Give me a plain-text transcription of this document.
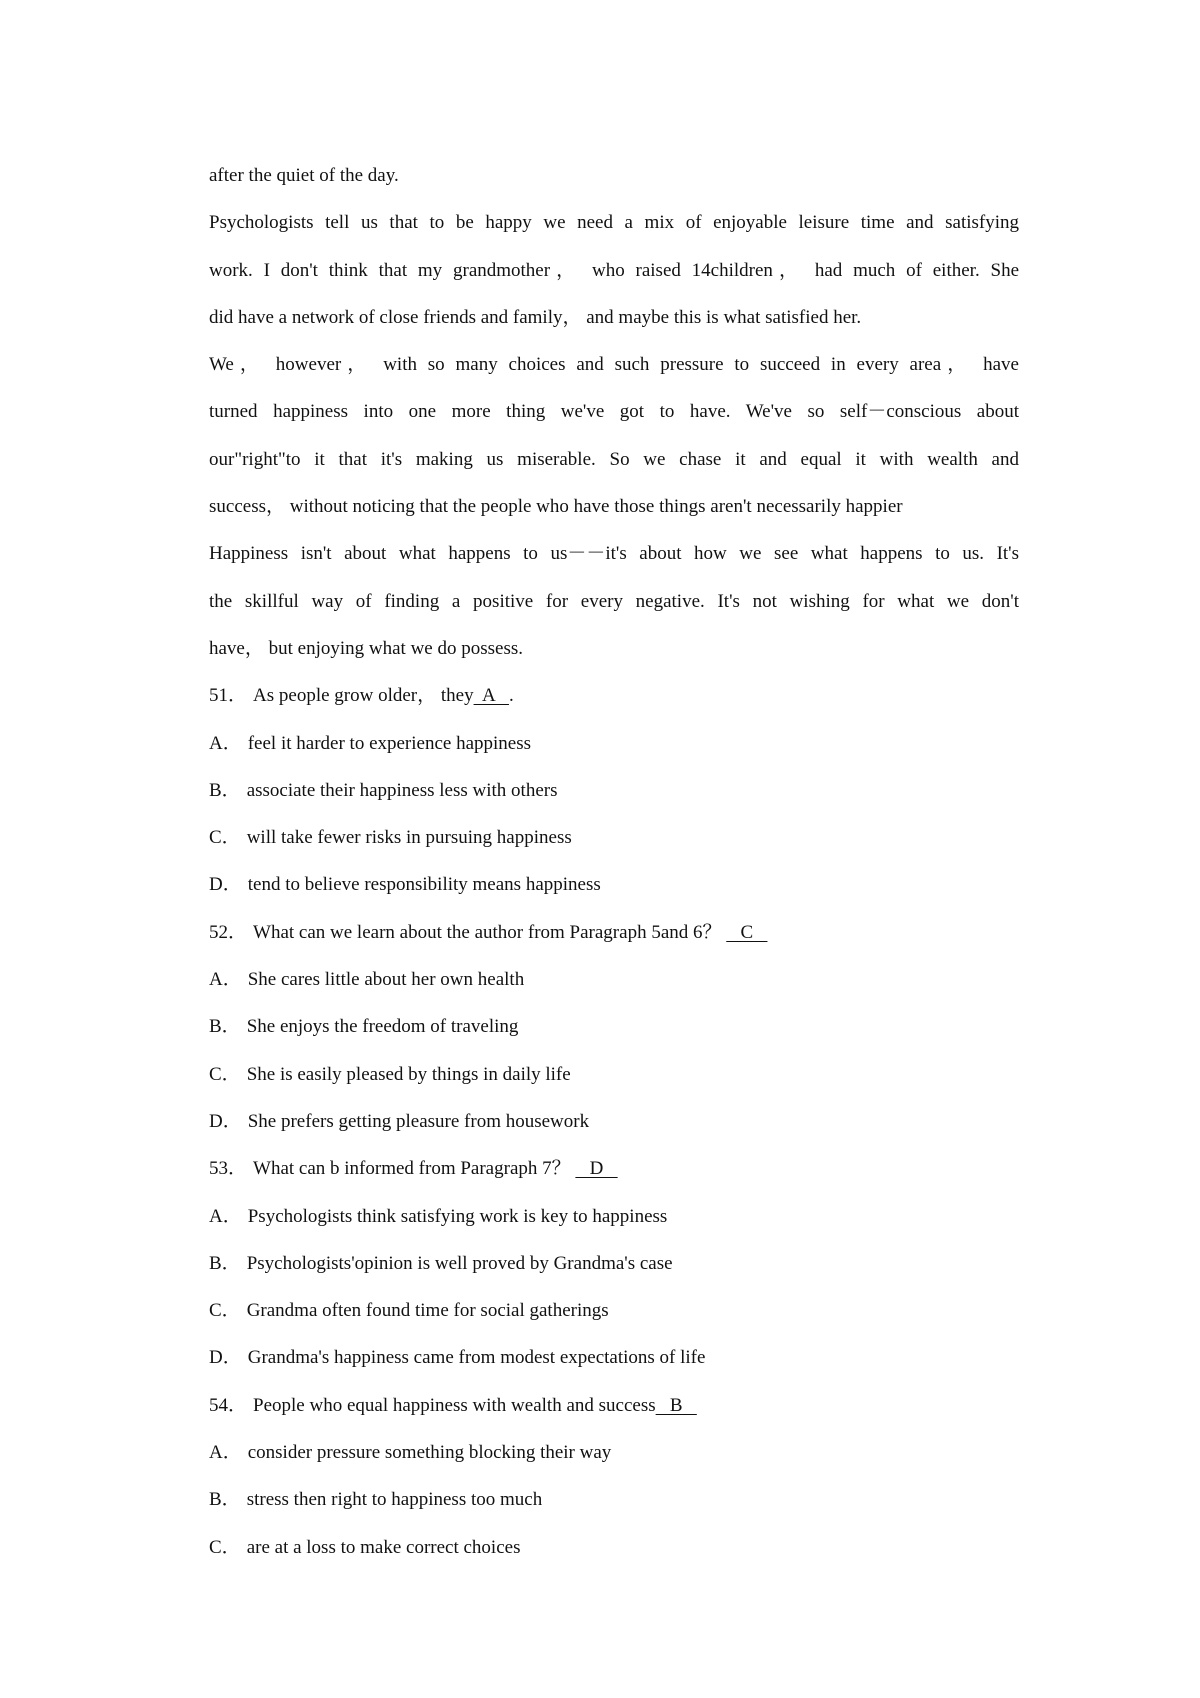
after the quiet of the day.
Psychologists tell us that to be happy we need a mix of enjoyable leisure time and satisfying
work. I don't think that my grandmother， who raised 14children， had much of either. She
did have a network of close friends and family， and maybe this is what satisfied her.
We， however， with so many choices and such pressure to succeed in every area， have
turned happiness into one more thing we've got to have. We've so self－conscious about
our"right"to it that it's making us miserable. So we chase it and equal it with wealth and
success， without noticing that the people who have those things aren't necessarily happier
Happiness isn't about what happens to us－－it's about how we see what happens to us. It's
the skillful way of finding a positive for every negative. It's not wishing for what we don't
have， but enjoying what we do possess.
51． As people grow older， they  A   .
A． feel it harder to experience happiness
B． associate their happiness less with others
C． will take fewer risks in pursuing happiness
D． tend to believe responsibility means happiness
52． What can we learn about the author from Paragraph 5and 6？    C
A． She cares little about her own health
B． She enjoys the freedom of traveling
C． She is easily pleased by things in daily life
D． She prefers getting pleasure from housework
53． What can b informed from Paragraph 7？    D
A． Psychologists think satisfying work is key to happiness
B． Psychologists'opinion is well proved by Grandma's case
C． Grandma often found time for social gatherings
D． Grandma's happiness came from modest expectations of life
54． People who equal happiness with wealth and success   B
A． consider pressure something blocking their way
B． stress then right to happiness too much
C． are at a loss to make correct choices
